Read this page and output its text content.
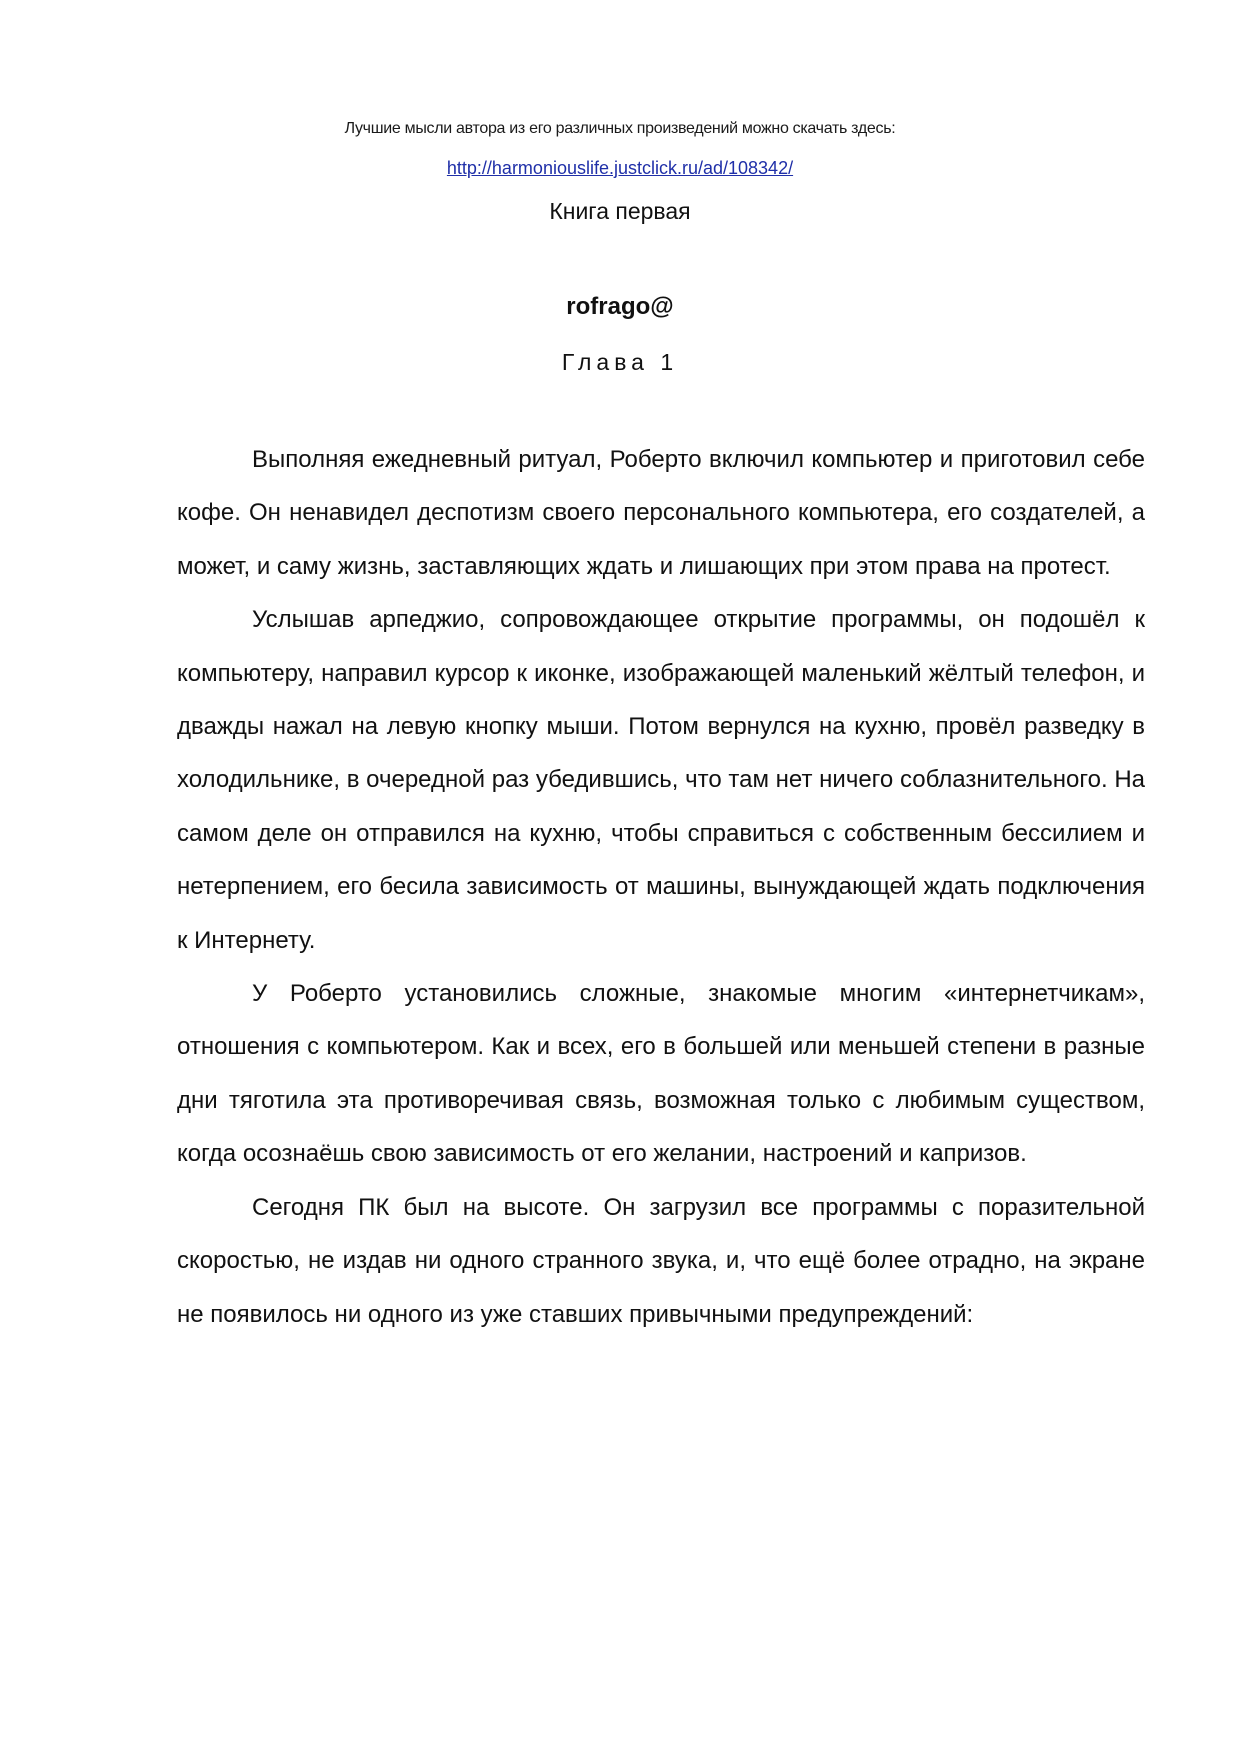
Лучшие мысли автора из его различных произведений можно скачать здесь:
http://harmoniouslife.justclick.ru/ad/108342/
Книга первая
rofrago@
Глава 1

Выполняя ежедневный ритуал, Роберто включил компьютер и приготовил себе кофе. Он ненавидел деспотизм своего персонального компьютера, его создателей, а может, и саму жизнь, заставляющих ждать и лишающих при этом права на протест.

Услышав арпеджио, сопровождающее открытие программы, он подошёл к компьютеру, направил курсор к иконке, изображающей маленький жёлтый телефон, и дважды нажал на левую кнопку мыши. Потом вернулся на кухню, провёл разведку в холодильнике, в очередной раз убедившись, что там нет ничего соблазнительного. На самом деле он отправился на кухню, чтобы справиться с собственным бессилием и нетерпением, его бесила зависимость от машины, вынуждающей ждать подключения к Интернету.

У Роберто установились сложные, знакомые многим «интернетчикам», отношения с компьютером. Как и всех, его в большей или меньшей степени в разные дни тяготила эта противоречивая связь, возможная только с любимым существом, когда осознаёшь свою зависимость от его желании, настроений и капризов.

Сегодня ПК был на высоте. Он загрузил все программы с поразительной скоростью, не издав ни одного странного звука, и, что ещё более отрадно, на экране не появилось ни одного из уже ставших привычными предупреждений:
